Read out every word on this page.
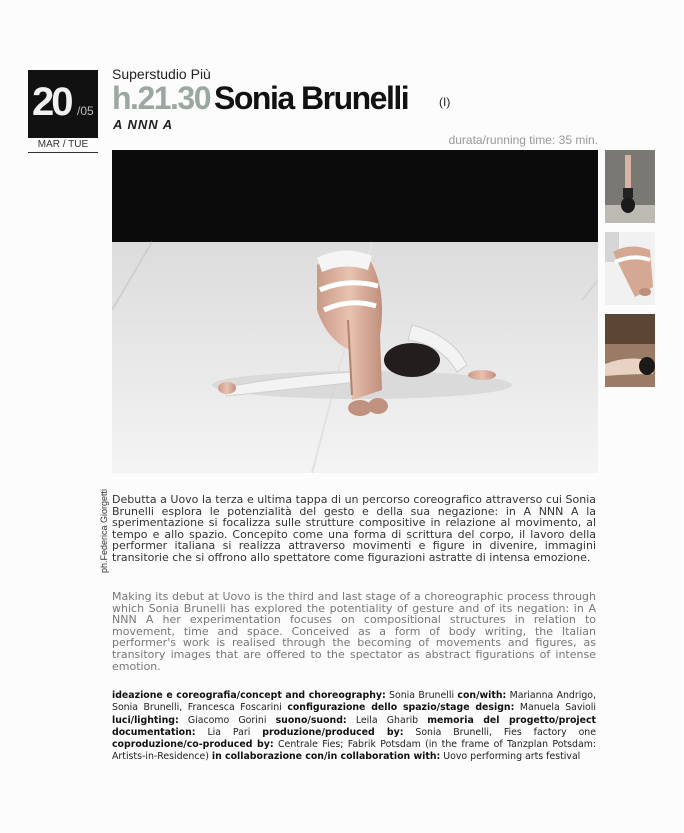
20 /05
MAR / TUE
Superstudio Più
h.21.30 Sonia Brunelli	(I)
A NNN A
durata/running time: 35 min.
ph.Federica Giorgetti Debutta a Uovo la terza e ultima tappa di un percorso coreografico attraverso cui Sonia Brunelli esplora le potenzialità del gesto e della sua negazione: in A NNN A la sperimentazione si focalizza sulle strutture compositive in relazione al movimento, al tempo e allo spazio. Concepito come una forma di scrittura del corpo, il lavoro della performer italiana si realizza attraverso movimenti e figure in divenire, immagini transitorie che si offrono allo spettatore come figurazioni astratte di intensa emozione.
Making its debut at Uovo is the third and last stage of a choreographic process through which Sonia Brunelli has explored the potentiality of gesture and of its negation: in A NNN A her experimentation focuses on compositional structures in relation to movement, time and space. Conceived as a form of body writing, the Italian performer's work is realised through the becoming of movements and figures, as transitory images that are offered to the spectator as abstract figurations of intense emotion.
ideazione e coreografia/concept and choreography: Sonia Brunelli con/with: Marianna Andrigo, Sonia Brunelli, Francesca Foscarini configurazione dello spazio/stage design: Manuela Savioli luci/lighting: Giacomo Gorini suono/suond: Leila Gharib memoria del progetto/project documentation: Lia Pari produzione/produced by: Sonia Brunelli, Fies factory one coproduzione/co-produced by: Centrale Fies; Fabrik Potsdam (in the frame of Tanzplan Potsdam: Artists-in-Residence) in collaborazione con/in collaboration with: Uovo performing arts festival
